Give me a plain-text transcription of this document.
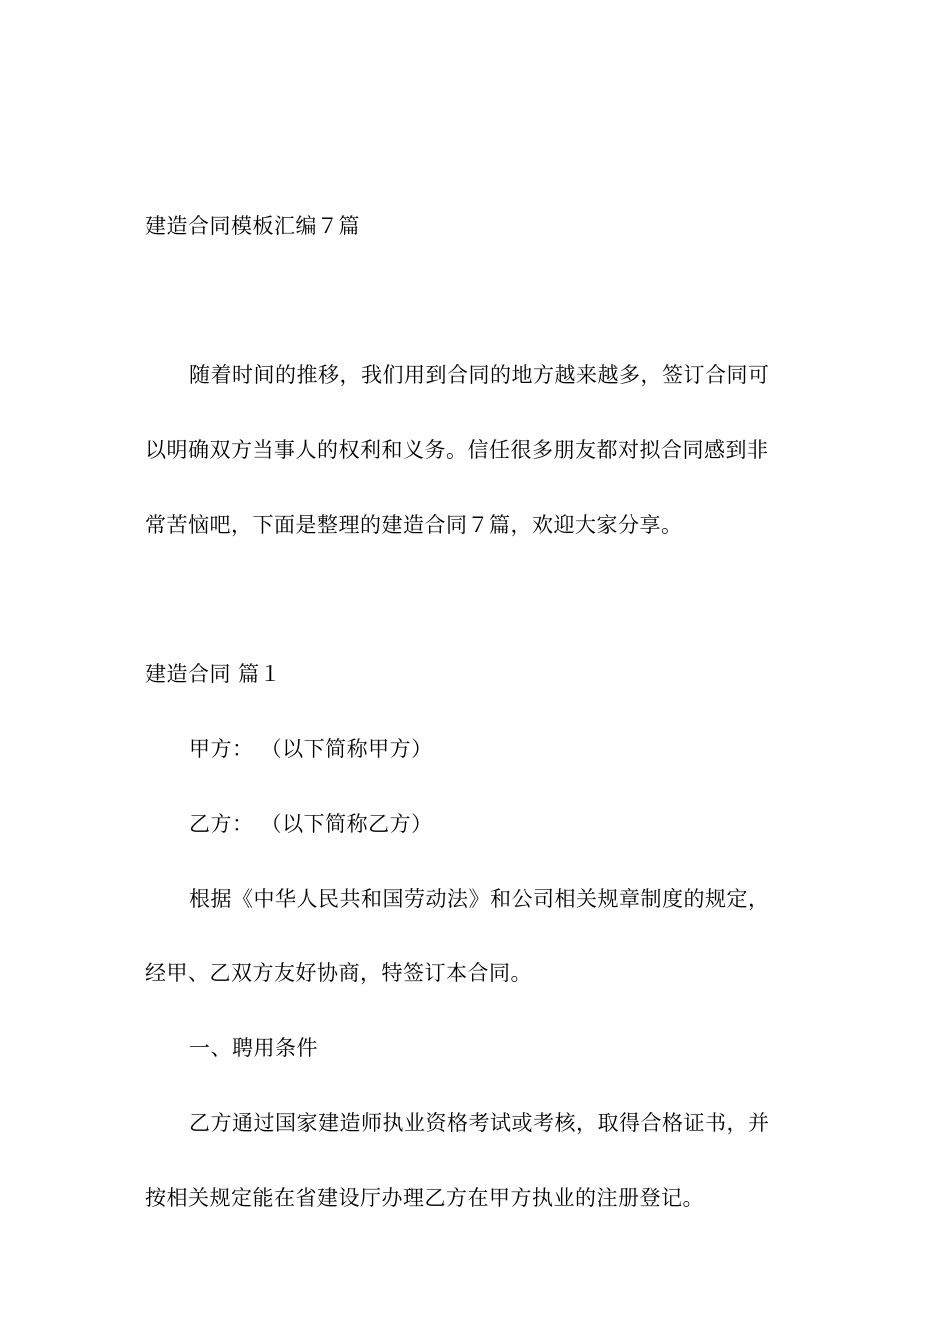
建造合同模板汇编７篇
随着时间的推移，我们用到合同的地方越来越多，签订合同可
以明确双方当事人的权利和义务。信任很多朋友都对拟合同感到非
常苦恼吧，下面是整理的建造合同７篇，欢迎大家分享。
建造合同 篇１
甲方： （以下简称甲方）
乙方： （以下简称乙方）
根据《中华人民共和国劳动法》和公司相关规章制度的规定，
经甲、乙双方友好协商，特签订本合同。
一、聘用条件
乙方通过国家建造师执业资格考试或考核，取得合格证书，并
按相关规定能在省建设厅办理乙方在甲方执业的注册登记。
